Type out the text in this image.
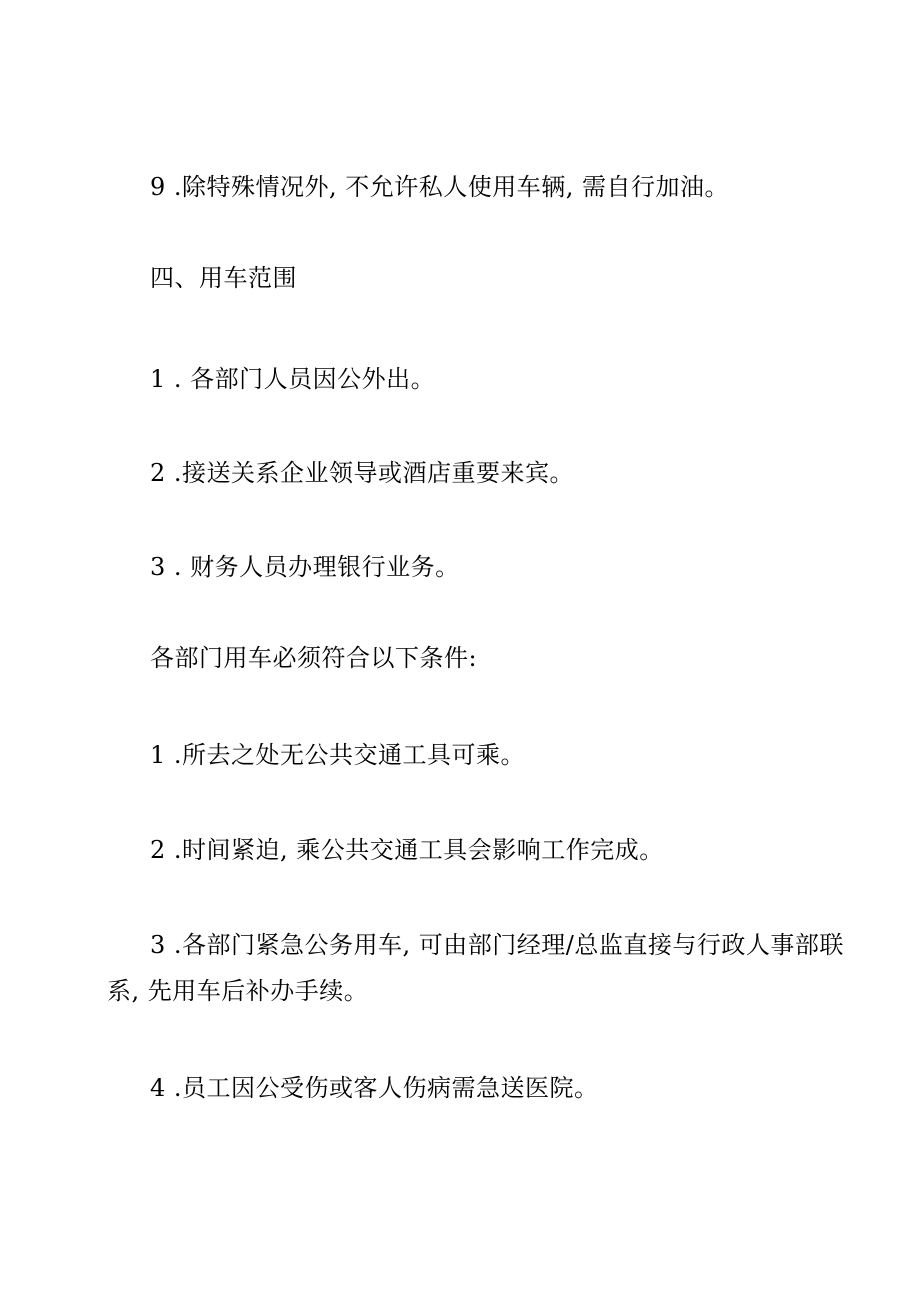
9 .除特殊情况外, 不允许私人使用车辆, 需自行加油。
四、用车范围
1 . 各部门人员因公外出。
2 .接送关系企业领导或酒店重要来宾。
3 . 财务人员办理银行业务。
各部门用车必须符合以下条件:
1 .所去之处无公共交通工具可乘。
2 .时间紧迫, 乘公共交通工具会影响工作完成。
3 .各部门紧急公务用车, 可由部门经理/总监直接与行政人事部联
系, 先用车后补办手续。
4 .员工因公受伤或客人伤病需急送医院。
